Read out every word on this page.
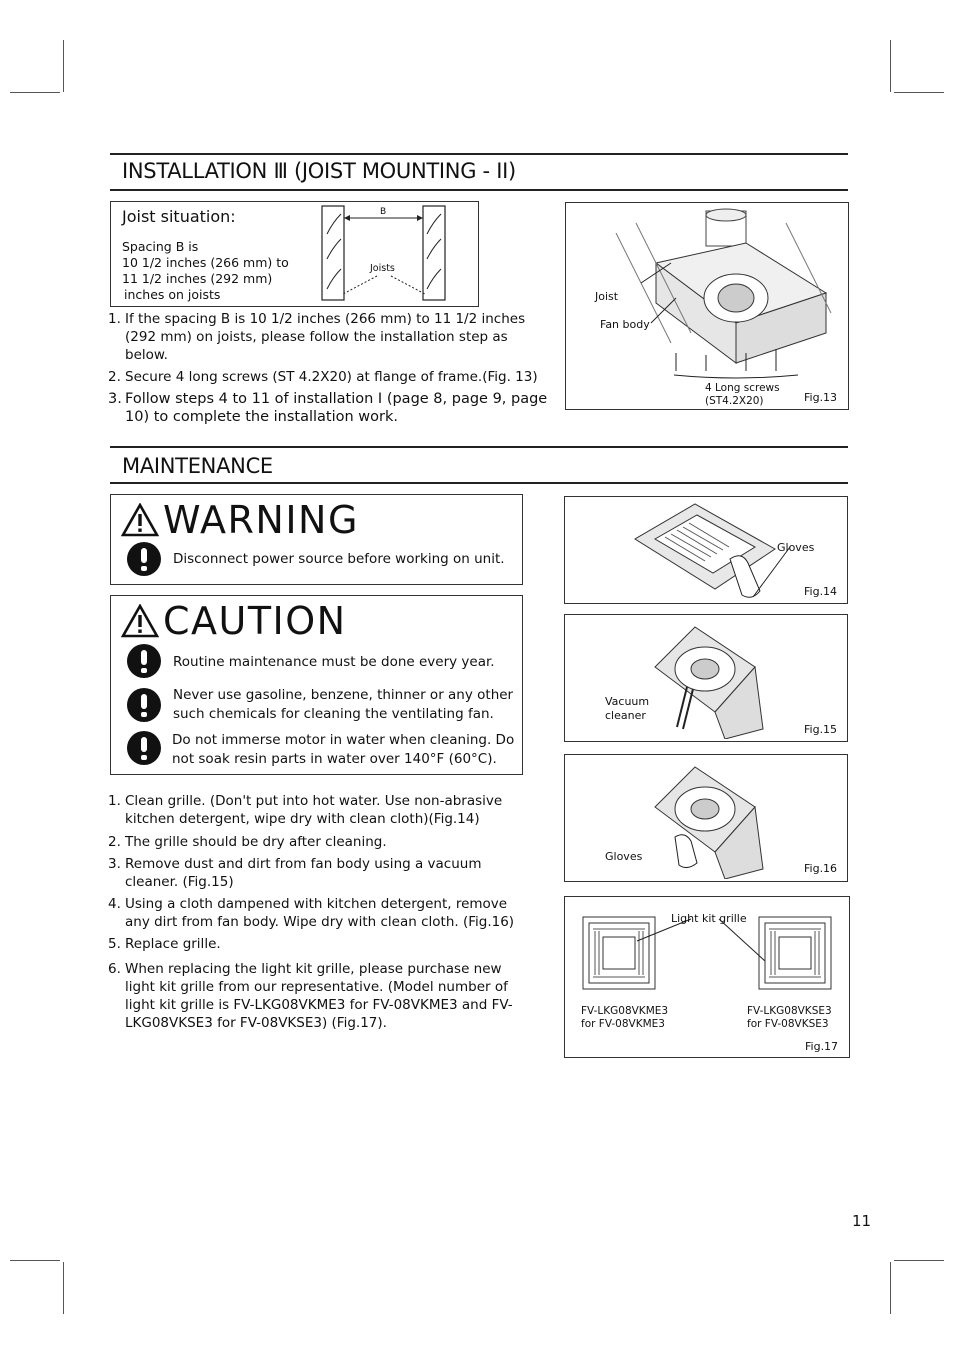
INSTALLATION Ⅲ (JOIST MOUNTING - II)
Joist situation:
Spacing B is
10 1/2 inches (266 mm) to
11 1/2 inches (292 mm)
inches on joists
B
Joists
1. If the spacing B is 10 1/2 inches (266 mm) to 11 1/2 inches (292 mm) on joists, please follow the installation step as below.
2. Secure 4 long screws (ST 4.2X20) at flange of frame.(Fig. 13)
3. Follow steps 4 to 11 of installation I (page 8, page 9, page 10) to complete the installation work.
Joist
Fan body
4 Long screws
(ST4.2X20)	Fig.13
MAINTENANCE
WARNING
Disconnect power source before working on unit.
CAUTION
Routine maintenance must be done every year.
Never use gasoline, benzene, thinner or any other such chemicals for cleaning the ventilating fan.
Do not immerse motor in water when cleaning. Do not soak resin parts in water over 140°F (60°C).
1. Clean grille. (Don't put into hot water. Use non-abrasive kitchen detergent, wipe dry with clean cloth)(Fig.14)
2. The grille should be dry after cleaning.
3. Remove dust and dirt from fan body using a vacuum cleaner. (Fig.15)
4. Using a cloth dampened with kitchen detergent, remove any dirt from fan body. Wipe dry with clean cloth. (Fig.16)
5. Replace grille.
6. When replacing the light kit grille, please purchase new light kit grille from our representative. (Model number of light kit grille is FV-LKG08VKME3 for FV-08VKME3 and FV-LKG08VKSE3 for FV-08VKSE3) (Fig.17).
Gloves
Fig.14
Vacuum
cleaner
Fig.15
Gloves
Fig.16
Light kit grille
FV-LKG08VKME3
for FV-08VKME3
FV-LKG08VKSE3
for FV-08VKSE3
Fig.17
11
